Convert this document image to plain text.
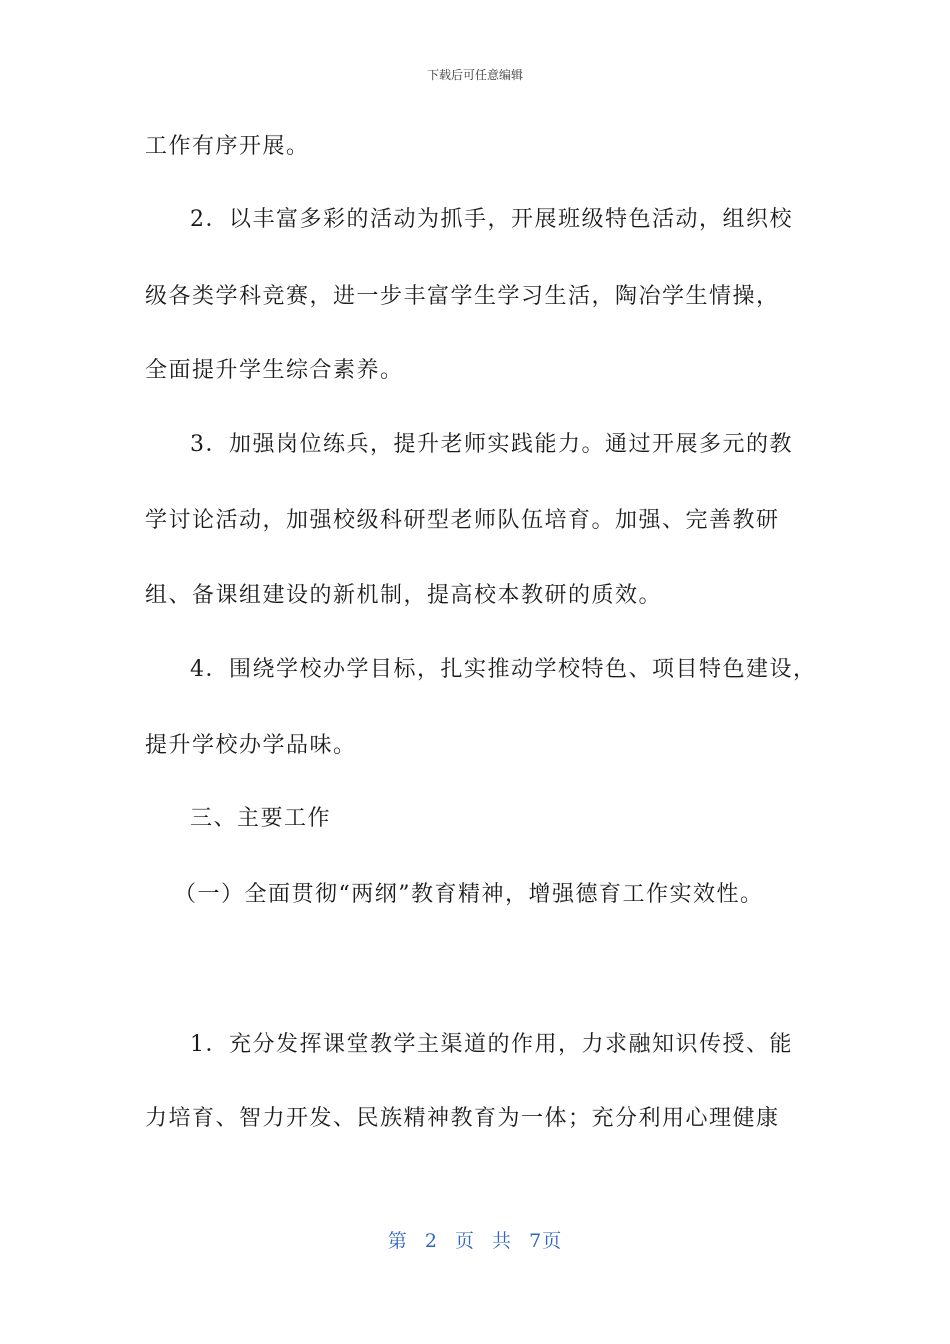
下载后可任意编辑
工作有序开展。
2．以丰富多彩的活动为抓手，开展班级特色活动，组织校
级各类学科竞赛，进一步丰富学生学习生活，陶冶学生情操，
全面提升学生综合素养。
3．加强岗位练兵，提升老师实践能力。通过开展多元的教
学讨论活动，加强校级科研型老师队伍培育。加强、完善教研
组、备课组建设的新机制，提高校本教研的质效。
4．围绕学校办学目标，扎实推动学校特色、项目特色建设，
提升学校办学品味。
三、主要工作
（一）全面贯彻“两纲”教育精神，增强德育工作实效性。
1．充分发挥课堂教学主渠道的作用，力求融知识传授、能
力培育、智力开发、民族精神教育为一体；充分利用心理健康
第 2 页 共 7页
